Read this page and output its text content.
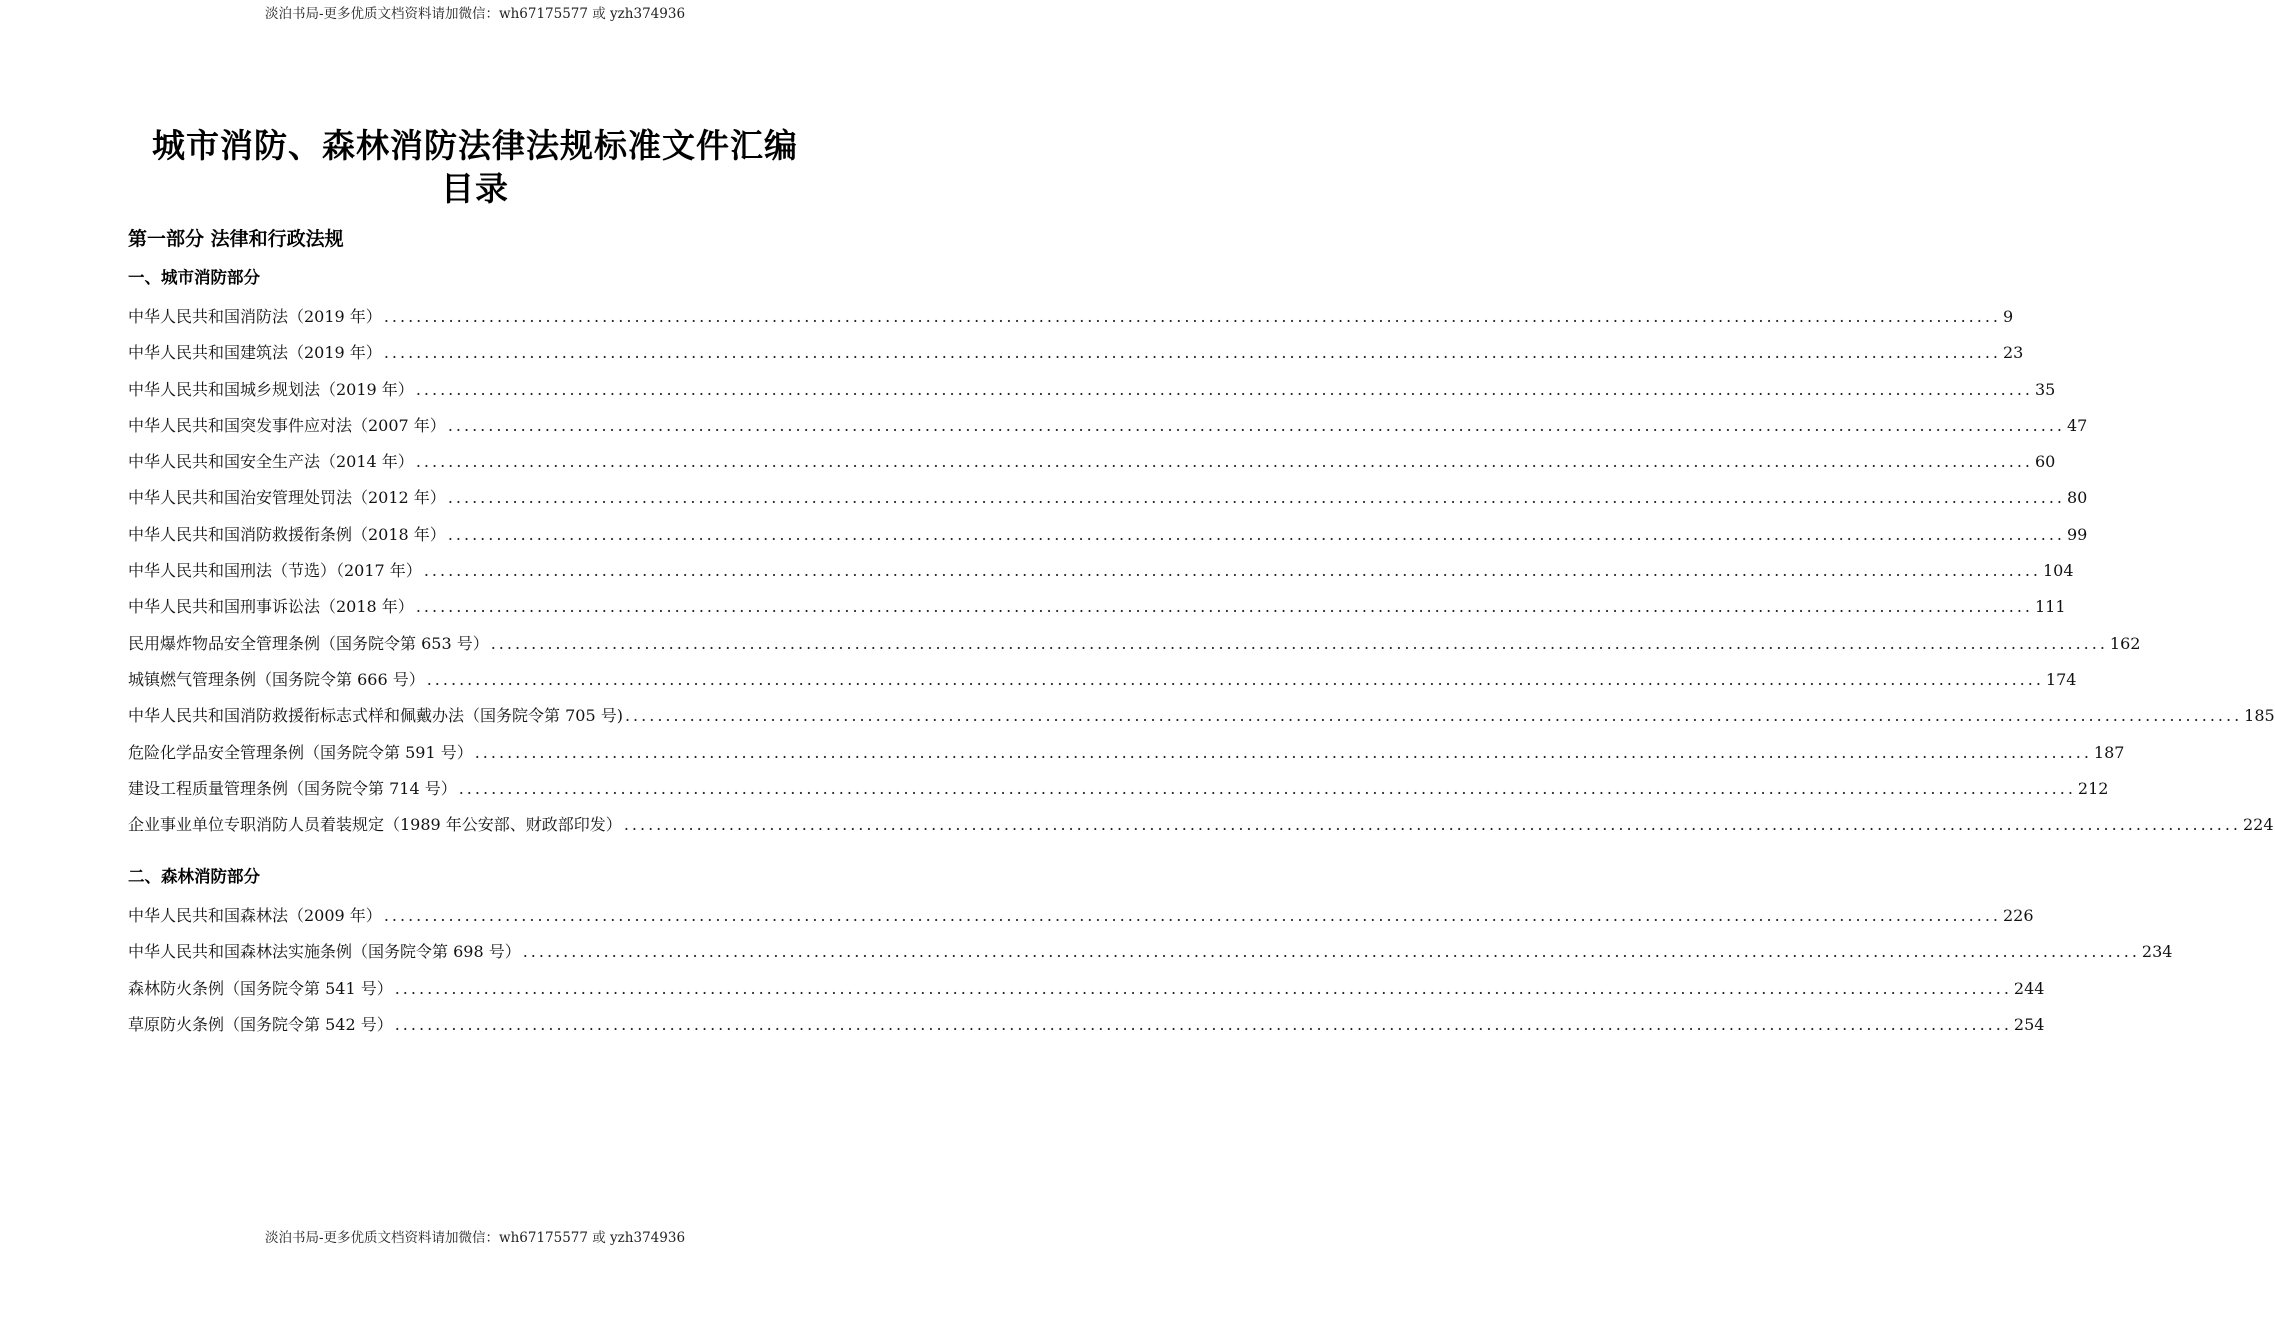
淡泊书局-更多优质文档资料请加微信：wh67175577 或 yzh374936
城市消防、森林消防法律法规标准文件汇编
目录
第一部分 法律和行政法规
一、城市消防部分
中华人民共和国消防法（2019 年） ........................................................................................................................................................................................................ 9
中华人民共和国建筑法（2019 年） ........................................................................................................................................................................................................ 23
中华人民共和国城乡规划法（2019 年） ........................................................................................................................................................................................................ 35
中华人民共和国突发事件应对法（2007 年） ........................................................................................................................................................................................................ 47
中华人民共和国安全生产法（2014 年） ........................................................................................................................................................................................................ 60
中华人民共和国治安管理处罚法（2012 年） ........................................................................................................................................................................................................ 80
中华人民共和国消防救援衔条例（2018 年） ........................................................................................................................................................................................................ 99
中华人民共和国刑法（节选）（2017 年） ........................................................................................................................................................................................................ 104
中华人民共和国刑事诉讼法（2018 年） ........................................................................................................................................................................................................ 111
民用爆炸物品安全管理条例（国务院令第 653 号） ........................................................................................................................................................................................................ 162
城镇燃气管理条例（国务院令第 666 号） ........................................................................................................................................................................................................ 174
中华人民共和国消防救援衔标志式样和佩戴办法（国务院令第 705 号) ........................................................................................................................................................................................................ 185
危险化学品安全管理条例（国务院令第 591 号） ........................................................................................................................................................................................................ 187
建设工程质量管理条例（国务院令第 714 号） ........................................................................................................................................................................................................ 212
企业事业单位专职消防人员着装规定（1989 年公安部、财政部印发） ........................................................................................................................................................................................................ 224
二、森林消防部分
中华人民共和国森林法（2009 年） ........................................................................................................................................................................................................ 226
中华人民共和国森林法实施条例（国务院令第 698 号） ........................................................................................................................................................................................................ 234
森林防火条例（国务院令第 541 号） ........................................................................................................................................................................................................ 244
草原防火条例（国务院令第 542 号） ........................................................................................................................................................................................................ 254
淡泊书局-更多优质文档资料请加微信：wh67175577 或 yzh374936
